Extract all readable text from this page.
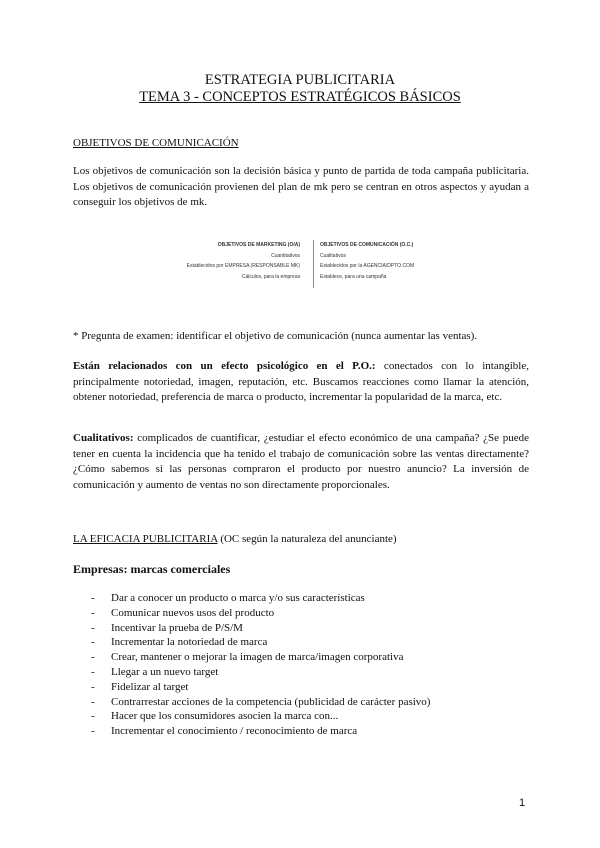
ESTRATEGIA PUBLICITARIA
TEMA 3 - CONCEPTOS ESTRATÉGICOS BÁSICOS
OBJETIVOS DE COMUNICACIÓN
Los objetivos de comunicación son la decisión básica y punto de partida de toda campaña publicitaria. Los objetivos de comunicación provienen del plan de mk pero se centran en otros aspectos y ayudan a conseguir los objetivos de mk.
OBJETIVOS DE MARKETING (O/A)
Cuantitativos
Establecidos por EMPRESA (RESPONSABLE MK)
Cálculos, para la empresa
OBJETIVOS DE COMUNICACIÓN (O.C.)
Cualitativos
Establecidos por la AGENCIA/DPTO.COM
Establece, para una campaña
* Pregunta de examen: identificar el objetivo de comunicación (nunca aumentar las ventas).
Están relacionados con un efecto psicológico en el P.O.: conectados con lo intangible, principalmente notoriedad, imagen, reputación, etc. Buscamos reacciones como llamar la atención, obtener notoriedad, preferencia de marca o producto, incrementar la popularidad de la marca, etc.
Cualitativos: complicados de cuantificar, ¿estudiar el efecto económico de una campaña? ¿Se puede tener en cuenta la incidencia que ha tenido el trabajo de comunicación sobre las ventas directamente? ¿Cómo sabemos si las personas compraron el producto por nuestro anuncio? La inversión de comunicación y aumento de ventas no son directamente proporcionales.
LA EFICACIA PUBLICITARIA (OC según la naturaleza del anunciante)
Empresas: marcas comerciales
- Dar a conocer un producto o marca y/o sus características
- Comunicar nuevos usos del producto
- Incentivar la prueba de P/S/M
- Incrementar la notoriedad de marca
- Crear, mantener o mejorar la imagen de marca/imagen corporativa
- Llegar a un nuevo target
- Fidelizar al target
- Contrarrestar acciones de la competencia (publicidad de carácter pasivo)
- Hacer que los consumidores asocien la marca con...
- Incrementar el conocimiento / reconocimiento de marca
1
